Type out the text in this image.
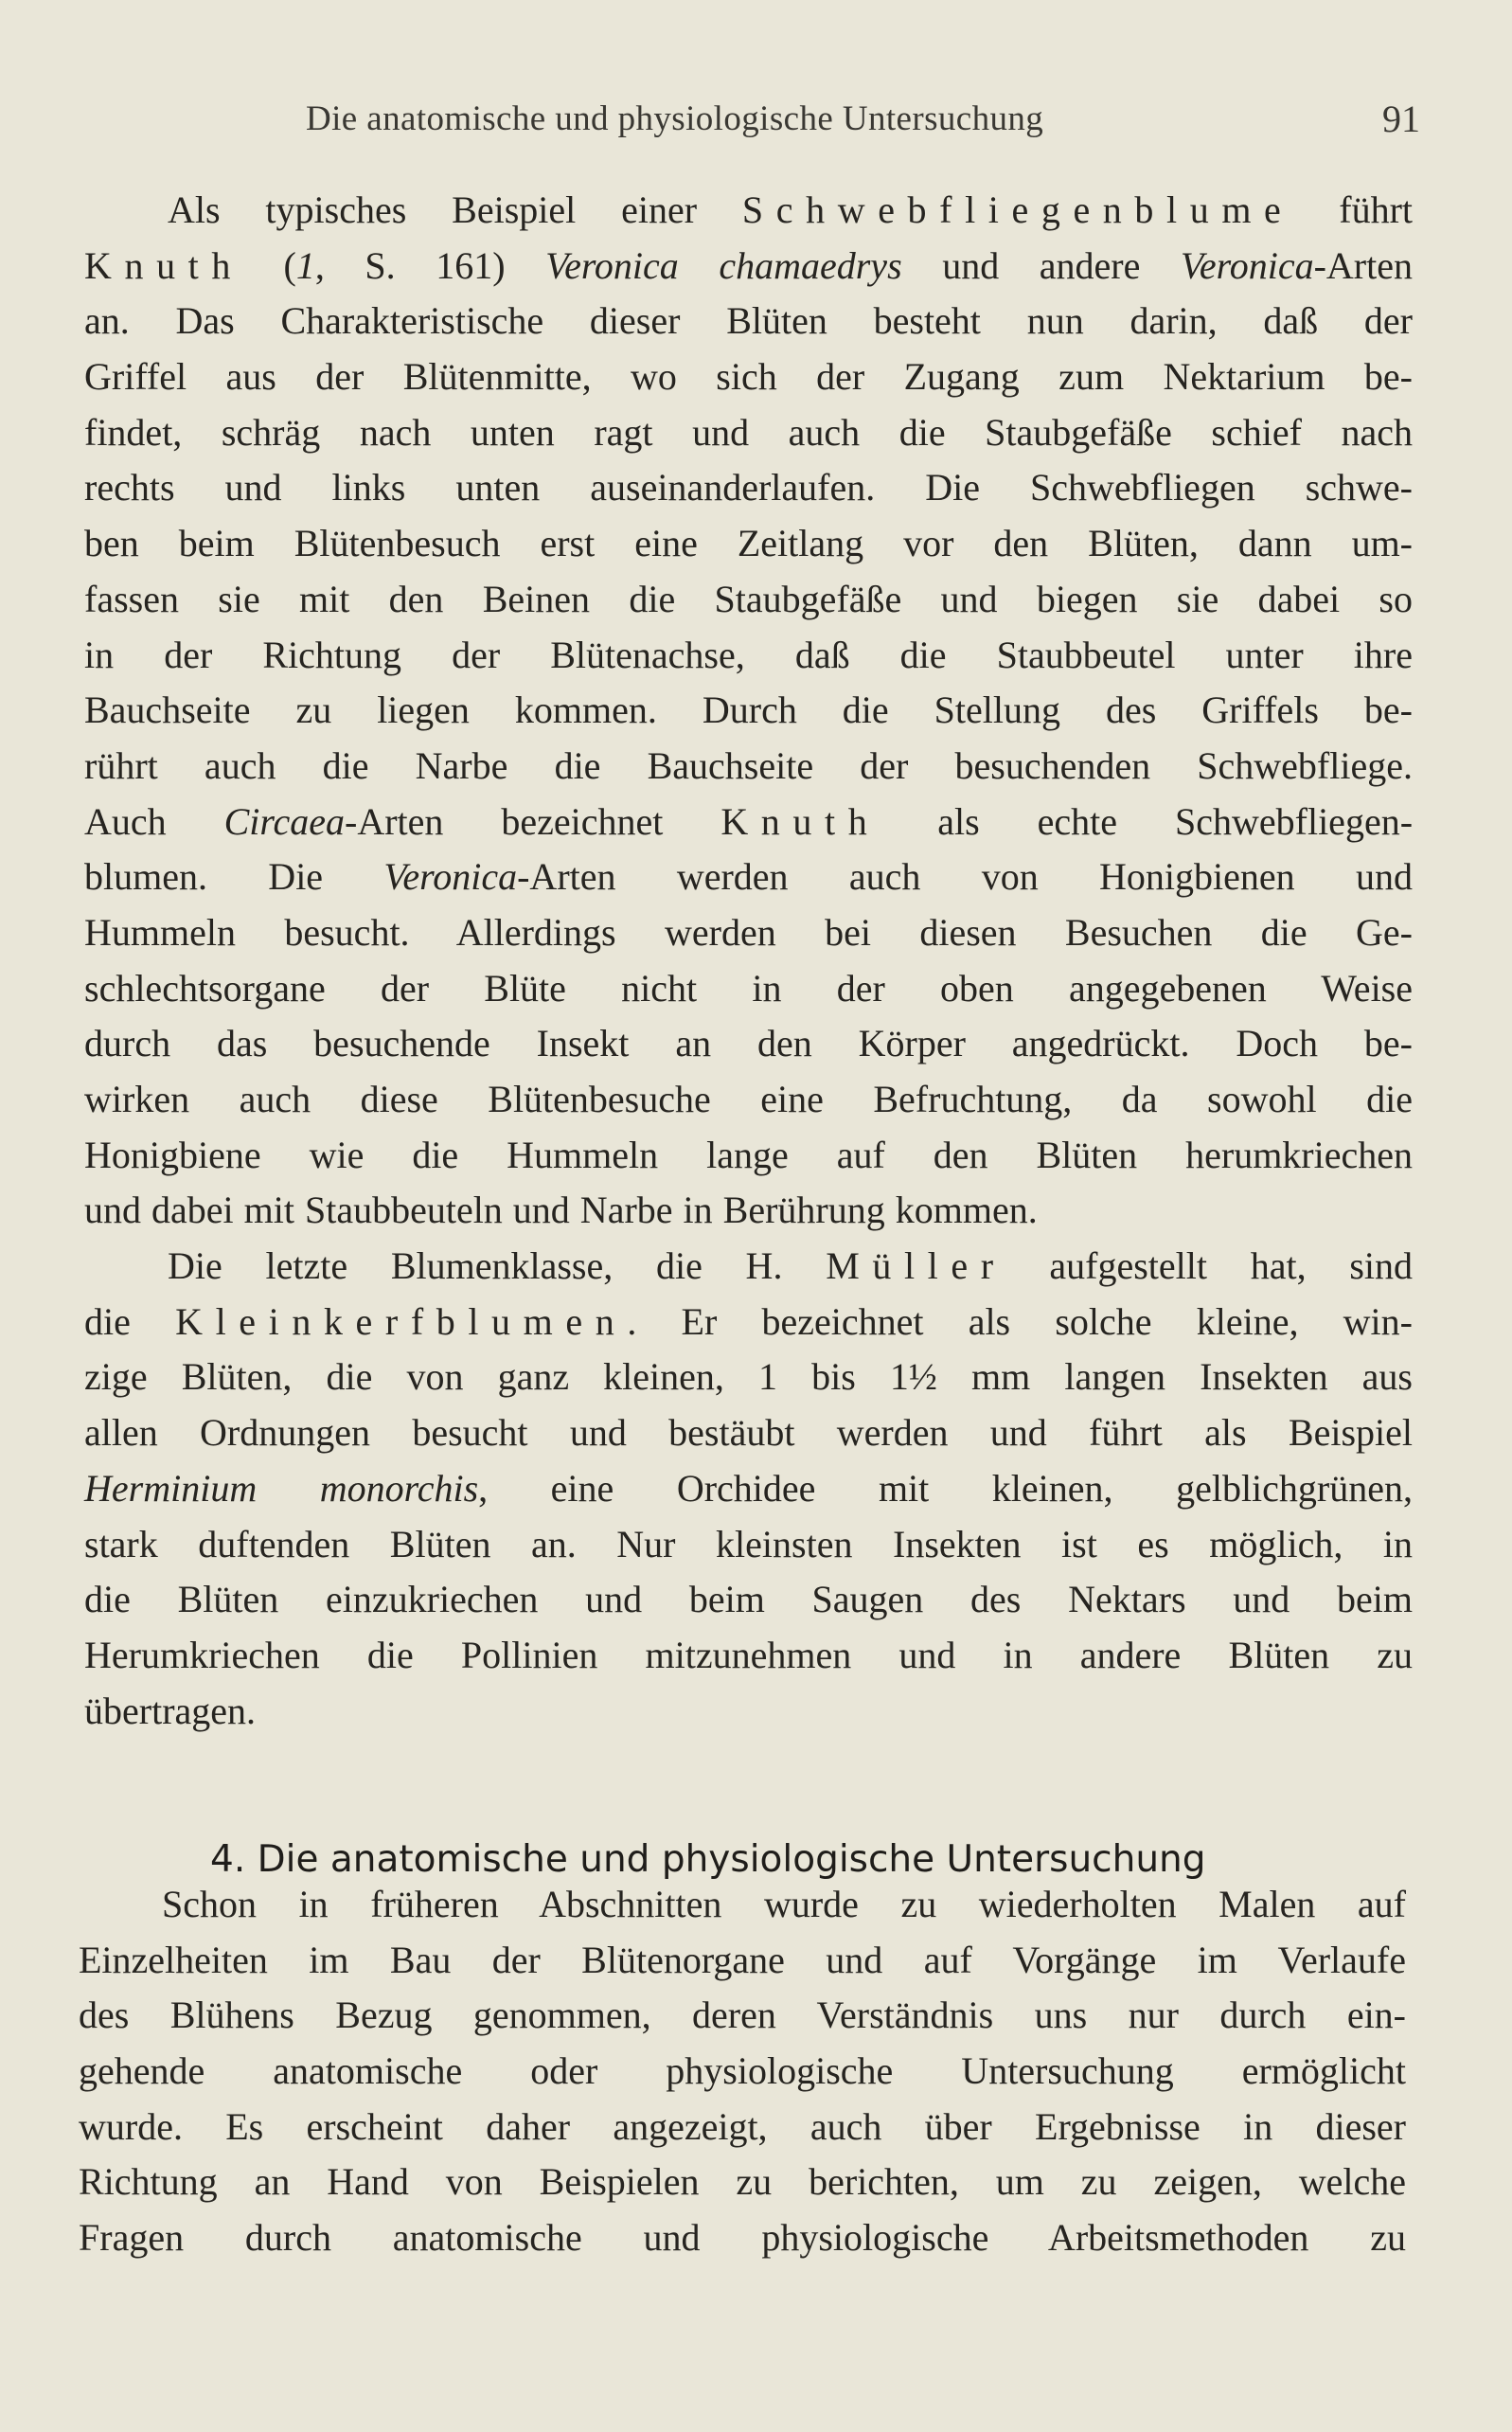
Die anatomische und physiologische Untersuchung	91
Als typisches Beispiel einer Schwebfliegenblume führt
Knuth (1, S. 161) Veronica chamaedrys und andere Veronica-Arten
an. Das Charakteristische dieser Blüten besteht nun darin, daß der
Griffel aus der Blütenmitte, wo sich der Zugang zum Nektarium be-
findet, schräg nach unten ragt und auch die Staubgefäße schief nach
rechts und links unten auseinanderlaufen. Die Schwebfliegen schwe-
ben beim Blütenbesuch erst eine Zeitlang vor den Blüten, dann um-
fassen sie mit den Beinen die Staubgefäße und biegen sie dabei so
in der Richtung der Blütenachse, daß die Staubbeutel unter ihre
Bauchseite zu liegen kommen. Durch die Stellung des Griffels be-
rührt auch die Narbe die Bauchseite der besuchenden Schwebfliege.
Auch Circaea-Arten bezeichnet Knuth als echte Schwebfliegen-
blumen. Die Veronica-Arten werden auch von Honigbienen und
Hummeln besucht. Allerdings werden bei diesen Besuchen die Ge-
schlechtsorgane der Blüte nicht in der oben angegebenen Weise
durch das besuchende Insekt an den Körper angedrückt. Doch be-
wirken auch diese Blütenbesuche eine Befruchtung, da sowohl die
Honigbiene wie die Hummeln lange auf den Blüten herumkriechen
und dabei mit Staubbeuteln und Narbe in Berührung kommen.
Die letzte Blumenklasse, die H. Müller aufgestellt hat, sind
die Kleinkerfblumen. Er bezeichnet als solche kleine, win-
zige Blüten, die von ganz kleinen, 1 bis 1½ mm langen Insekten aus
allen Ordnungen besucht und bestäubt werden und führt als Beispiel
Herminium monorchis, eine Orchidee mit kleinen, gelblichgrünen,
stark duftenden Blüten an. Nur kleinsten Insekten ist es möglich, in
die Blüten einzukriechen und beim Saugen des Nektars und beim
Herumkriechen die Pollinien mitzunehmen und in andere Blüten zu
übertragen.
4. Die anatomische und physiologische Untersuchung
Schon in früheren Abschnitten wurde zu wiederholten Malen auf
Einzelheiten im Bau der Blütenorgane und auf Vorgänge im Verlaufe
des Blühens Bezug genommen, deren Verständnis uns nur durch ein-
gehende anatomische oder physiologische Untersuchung ermöglicht
wurde. Es erscheint daher angezeigt, auch über Ergebnisse in dieser
Richtung an Hand von Beispielen zu berichten, um zu zeigen, welche
Fragen durch anatomische und physiologische Arbeitsmethoden zu
